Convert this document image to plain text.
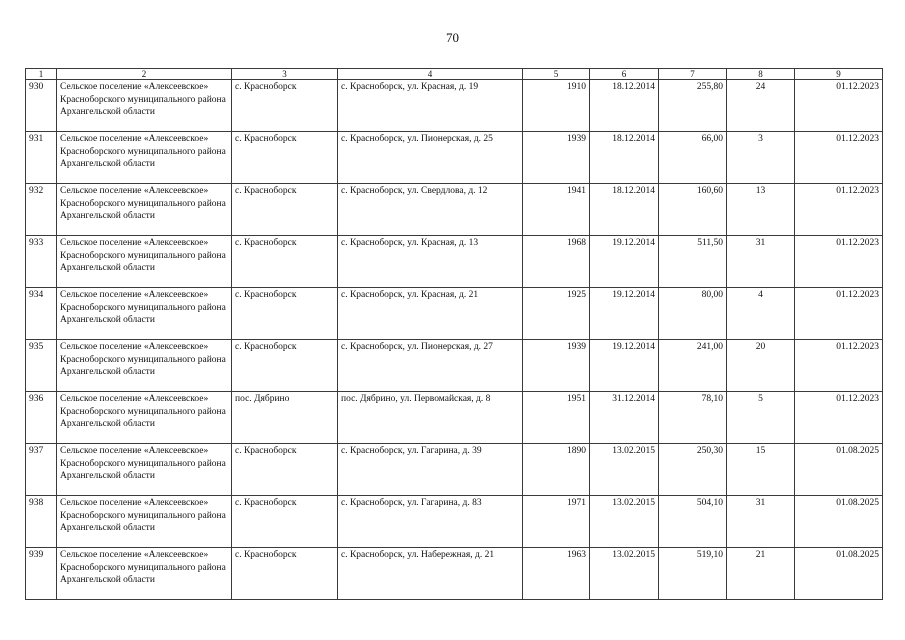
70
1	2	3	4	5	6	7	8	9
930	Сельское поселение «Алексеевское» Красноборского муниципального района Архангельской области	с. Красноборск	с. Красноборск, ул. Красная, д. 19	1910	18.12.2014	255,80	24	01.12.2023
931	Сельское поселение «Алексеевское» Красноборского муниципального района Архангельской области	с. Красноборск	с. Красноборск, ул. Пионерская, д. 25	1939	18.12.2014	66,00	3	01.12.2023
932	Сельское поселение «Алексеевское» Красноборского муниципального района Архангельской области	с. Красноборск	с. Красноборск, ул. Свердлова, д. 12	1941	18.12.2014	160,60	13	01.12.2023
933	Сельское поселение «Алексеевское» Красноборского муниципального района Архангельской области	с. Красноборск	с. Красноборск, ул. Красная, д. 13	1968	19.12.2014	511,50	31	01.12.2023
934	Сельское поселение «Алексеевское» Красноборского муниципального района Архангельской области	с. Красноборск	с. Красноборск, ул. Красная, д. 21	1925	19.12.2014	80,00	4	01.12.2023
935	Сельское поселение «Алексеевское» Красноборского муниципального района Архангельской области	с. Красноборск	с. Красноборск, ул. Пионерская, д. 27	1939	19.12.2014	241,00	20	01.12.2023
936	Сельское поселение «Алексеевское» Красноборского муниципального района Архангельской области	пос. Дябрино	пос. Дябрино, ул. Первомайская, д. 8	1951	31.12.2014	78,10	5	01.12.2023
937	Сельское поселение «Алексеевское» Красноборского муниципального района Архангельской области	с. Красноборск	с. Красноборск, ул. Гагарина, д. 39	1890	13.02.2015	250,30	15	01.08.2025
938	Сельское поселение «Алексеевское» Красноборского муниципального района Архангельской области	с. Красноборск	с. Красноборск, ул. Гагарина, д. 83	1971	13.02.2015	504,10	31	01.08.2025
939	Сельское поселение «Алексеевское» Красноборского муниципального района Архангельской области	с. Красноборск	с. Красноборск, ул. Набережная, д. 21	1963	13.02.2015	519,10	21	01.08.2025
